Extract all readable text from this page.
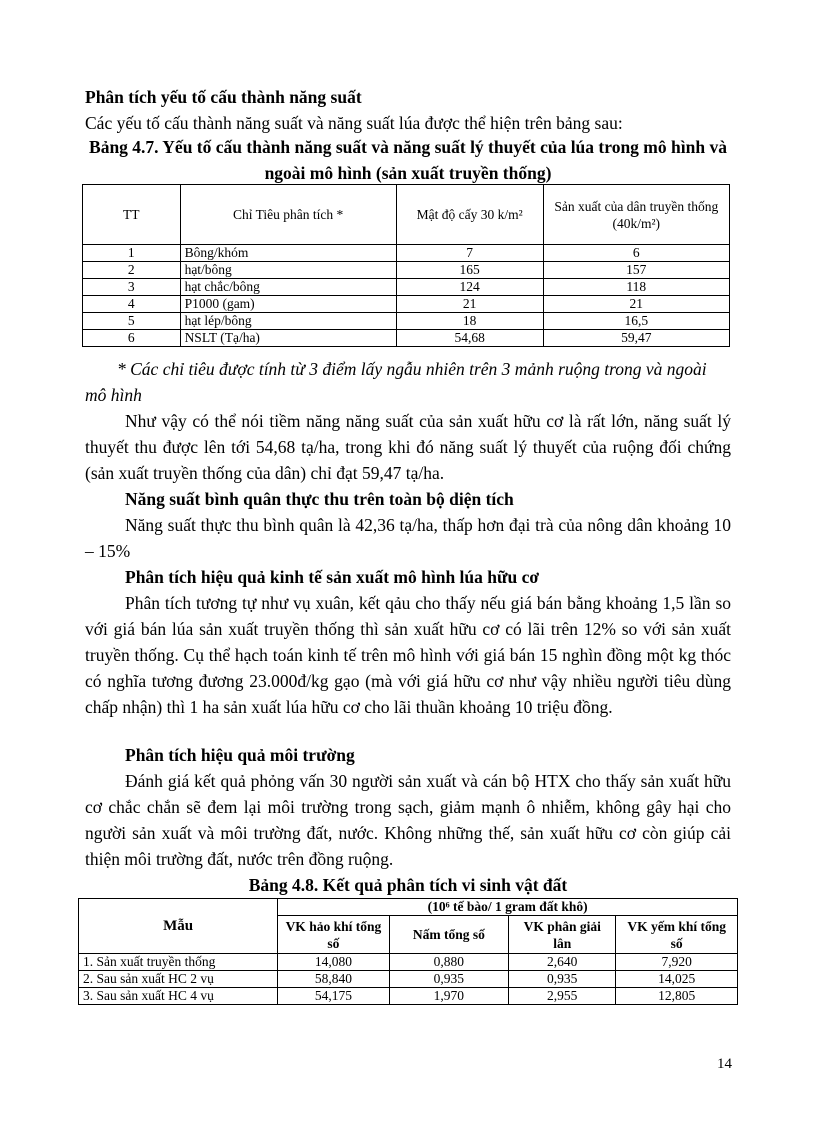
Phân tích yếu tố cấu thành năng suất
Các yếu tố cấu thành năng suất và năng suất lúa được thể hiện trên bảng sau:
Bảng 4.7. Yếu tố cấu thành năng suất và năng suất lý thuyết của lúa trong mô hình và ngoài mô hình (sản xuất truyền thống)
TT	Chỉ Tiêu phân tích *	Mật độ cấy 30 k/m²	Sản xuất của dân truyền thống
(40k/m²)

1	Bông/khóm	7	6
2	hạt/bông	165	157
3	hạt chắc/bông	124	118
4	P1000 (gam)	21	21
5	hạt lép/bông	18	16,5
6	NSLT (Tạ/ha)	54,68	59,47
* Các chỉ tiêu được tính từ 3 điểm lấy ngẫu nhiên trên 3 mảnh ruộng trong và ngoài mô hình
Như vậy có thể nói tiềm năng năng suất của sản xuất hữu cơ là rất lớn, năng suất lý thuyết thu được lên tới 54,68 tạ/ha, trong khi đó năng suất lý thuyết của ruộng đối chứng (sản xuất truyền thống của dân) chỉ đạt 59,47 tạ/ha.
Năng suất bình quân thực thu trên toàn bộ diện tích
Năng suất thực thu bình quân là 42,36 tạ/ha, thấp hơn đại trà của nông dân khoảng 10 – 15%
Phân tích hiệu quả kinh tế sản xuất mô hình lúa hữu cơ
Phân tích tương tự như vụ xuân, kết qảu cho thấy nếu giá bán bằng khoảng 1,5 lần so với giá bán lúa sản xuất truyền thống thì sản xuất hữu cơ có lãi trên 12% so với sản xuất truyền thống. Cụ thể hạch toán kinh tế trên mô hình với giá bán 15 nghìn đồng một kg thóc có nghĩa tương đương 23.000đ/kg gạo (mà với giá hữu cơ như vậy nhiều người tiêu dùng chấp nhận) thì 1 ha sản xuất lúa hữu cơ cho lãi thuần khoảng 10 triệu đồng.
Phân tích hiệu quả môi trường
Đánh giá kết quả phỏng vấn 30 người sản xuất và cán bộ HTX cho thấy sản xuất hữu cơ chắc chắn sẽ đem lại môi trường trong sạch, giảm mạnh ô nhiễm, không gây hại cho người sản xuất và môi trường đất, nước. Không những thế, sản xuất hữu cơ còn giúp cải thiện môi trường đất, nước trên đồng ruộng.
Bảng 4.8. Kết quả phân tích vi sinh vật đất
Mẫu	(10⁶ tế bào/ 1 gram đất khô)			
	VK hảo khí tổng số	Nấm tổng số	VK phân giải lân	VK yếm khí tổng số
1. Sản xuất truyền thống	14,080	0,880	2,640	7,920
2. Sau sản xuất HC 2 vụ	58,840	0,935	0,935	14,025
3. Sau sản xuất HC 4 vụ	54,175	1,970	2,955	12,805
14
